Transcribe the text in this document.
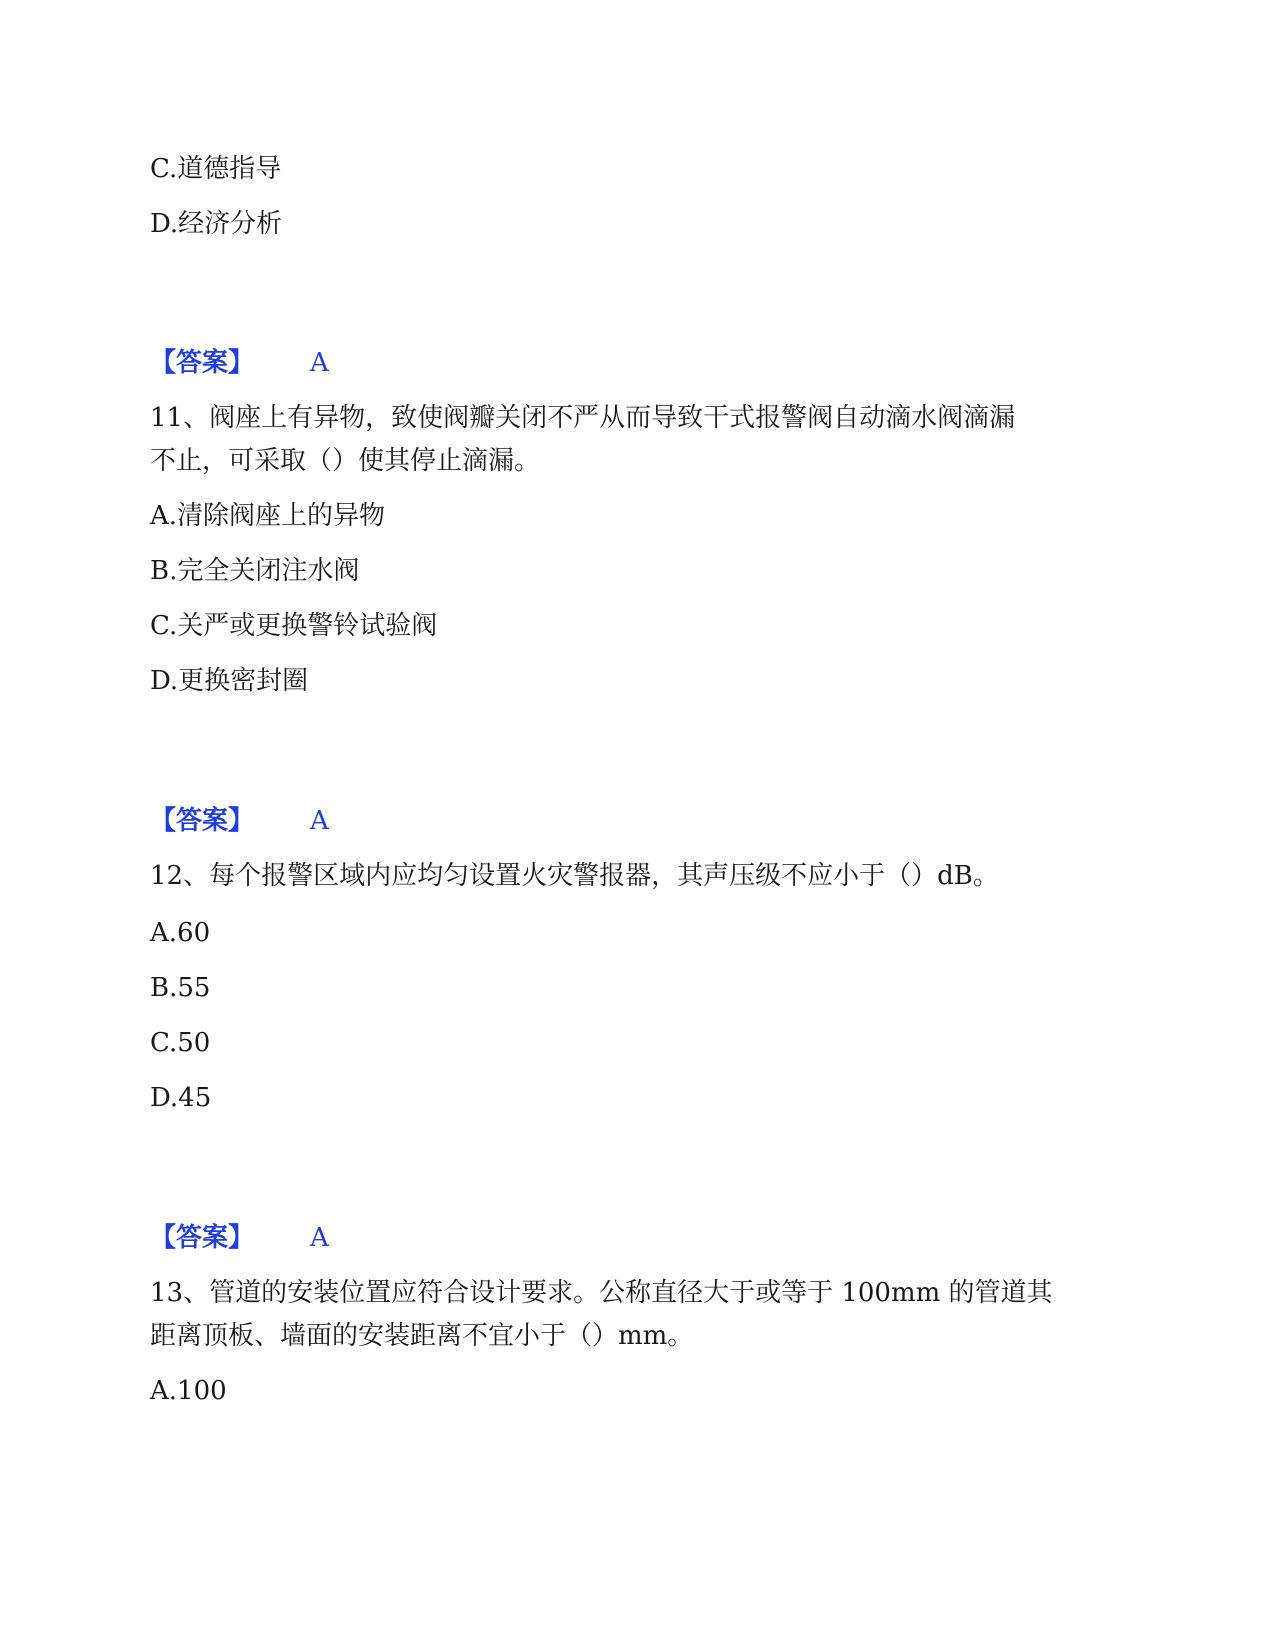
C.道德指导
D.经济分析
【答案】 A
11、阀座上有异物，致使阀瓣关闭不严从而导致干式报警阀自动滴水阀滴漏
不止，可采取（）使其停止滴漏。
A.清除阀座上的异物
B.完全关闭注水阀
C.关严或更换警铃试验阀
D.更换密封圈
【答案】 A
12、每个报警区域内应均匀设置火灾警报器，其声压级不应小于（）dB。
A.60
B.55
C.50
D.45
【答案】 A
13、管道的安装位置应符合设计要求。公称直径大于或等于 100mm 的管道其
距离顶板、墙面的安装距离不宜小于（）mm。
A.100
